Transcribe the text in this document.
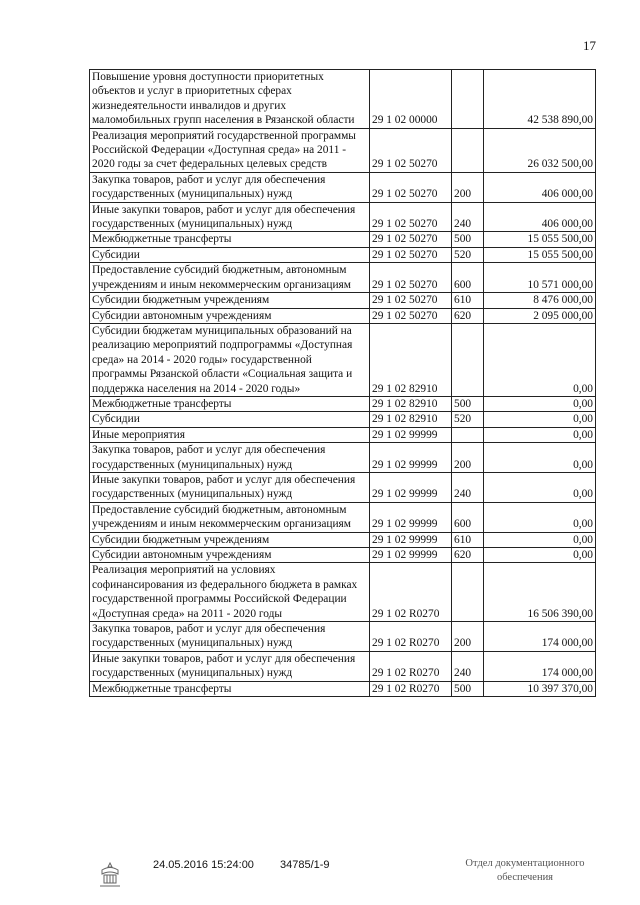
17
Повышение уровня доступности приоритетных объектов и услуг в приоритетных сферах жизнедеятельности инвалидов и других маломобильных групп населения в Рязанской области	29 1 02 00000		42 538 890,00
Реализация мероприятий государственной программы Российской Федерации «Доступная среда» на 2011 - 2020 годы за счет федеральных целевых средств	29 1 02 50270		26 032 500,00
Закупка товаров, работ и услуг для обеспечения государственных (муниципальных) нужд	29 1 02 50270	200	406 000,00
Иные закупки товаров, работ и услуг для обеспечения государственных (муниципальных) нужд	29 1 02 50270	240	406 000,00
Межбюджетные трансферты	29 1 02 50270	500	15 055 500,00
Субсидии	29 1 02 50270	520	15 055 500,00
Предоставление субсидий бюджетным, автономным учреждениям и иным некоммерческим организациям	29 1 02 50270	600	10 571 000,00
Субсидии бюджетным учреждениям	29 1 02 50270	610	8 476 000,00
Субсидии автономным учреждениям	29 1 02 50270	620	2 095 000,00
Субсидии бюджетам муниципальных образований на реализацию мероприятий подпрограммы «Доступная среда» на 2014 - 2020 годы» государственной программы Рязанской области «Социальная защита и поддержка населения на 2014 - 2020 годы»	29 1 02 82910		0,00
Межбюджетные трансферты	29 1 02 82910	500	0,00
Субсидии	29 1 02 82910	520	0,00
Иные мероприятия	29 1 02 99999		0,00
Закупка товаров, работ и услуг для обеспечения государственных (муниципальных) нужд	29 1 02 99999	200	0,00
Иные закупки товаров, работ и услуг для обеспечения государственных (муниципальных) нужд	29 1 02 99999	240	0,00
Предоставление субсидий бюджетным, автономным учреждениям и иным некоммерческим организациям	29 1 02 99999	600	0,00
Субсидии бюджетным учреждениям	29 1 02 99999	610	0,00
Субсидии автономным учреждениям	29 1 02 99999	620	0,00
Реализация мероприятий на условиях софинансирования из федерального бюджета в рамках государственной программы Российской Федерации «Доступная среда» на 2011 - 2020 годы	29 1 02 R0270		16 506 390,00
Закупка товаров, работ и услуг для обеспечения государственных (муниципальных) нужд	29 1 02 R0270	200	174 000,00
Иные закупки товаров, работ и услуг для обеспечения государственных (муниципальных) нужд	29 1 02 R0270	240	174 000,00
Межбюджетные трансферты	29 1 02 R0270	500	10 397 370,00
24.05.2016 15:24:00 34785/1-9	Отдел документационного обеспечения
